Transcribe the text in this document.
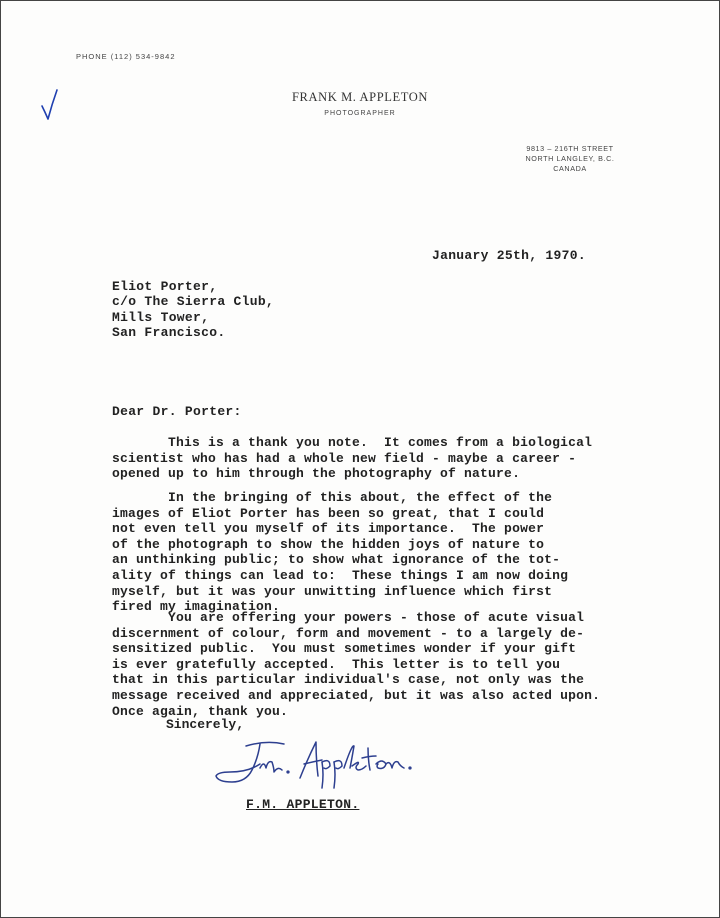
PHONE (112) 534-9842
FRANK M. APPLETON
PHOTOGRAPHER
9813 – 216TH STREET
NORTH LANGLEY, B.C.
CANADA
January 25th, 1970.
Eliot Porter,
c/o The Sierra Club,
Mills Tower,
San Francisco.
Dear Dr. Porter:
This is a thank you note.  It comes from a biological
scientist who has had a whole new field - maybe a career -
opened up to him through the photography of nature.
In the bringing of this about, the effect of the
images of Eliot Porter has been so great, that I could
not even tell you myself of its importance.  The power
of the photograph to show the hidden joys of nature to
an unthinking public; to show what ignorance of the tot-
ality of things can lead to:  These things I am now doing
myself, but it was your unwitting influence which first
fired my imagination.
You are offering your powers - those of acute visual
discernment of colour, form and movement - to a largely de-
sensitized public.  You must sometimes wonder if your gift
is ever gratefully accepted.  This letter is to tell you
that in this particular individual's case, not only was the
message received and appreciated, but it was also acted upon.
Once again, thank you.
Sincerely,
F.M. APPLETON.
